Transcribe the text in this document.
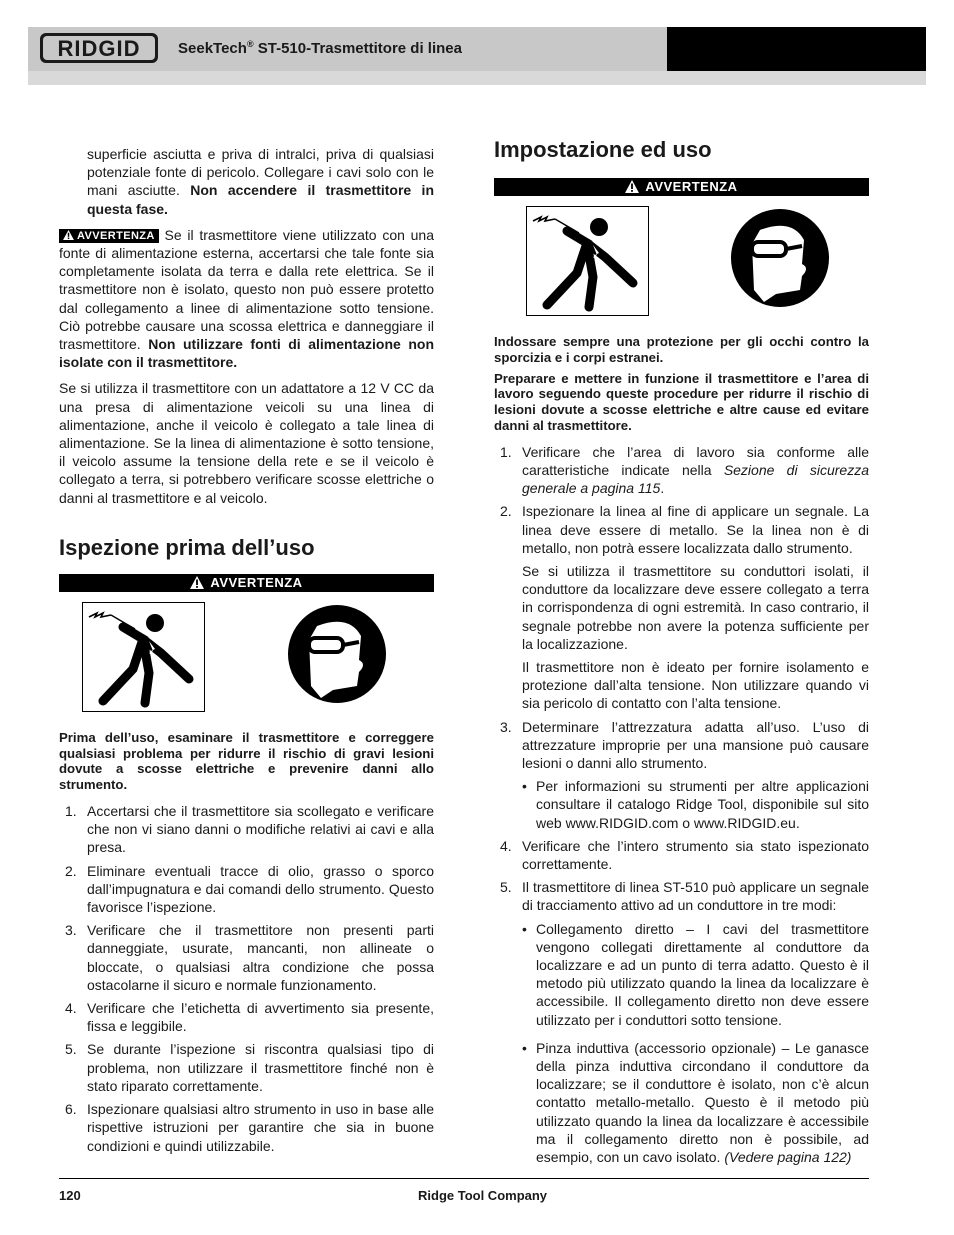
RIDGID	SeekTech® ST-510-Trasmettitore di linea

superficie asciutta e priva di intralci, priva di qualsiasi potenziale fonte di pericolo. Collegare i cavi solo con le mani asciutte. Non accendere il trasmettitore in questa fase.

AVVERTENZA Se il trasmettitore viene utilizzato con una fonte di alimentazione esterna, accertarsi che tale fonte sia completamente isolata da terra e dalla rete elettrica. Se il trasmettitore non è isolato, questo non può essere protetto dal collegamento a linee di alimentazione sotto tensione. Ciò potrebbe causare una scossa elettrica e danneggiare il trasmettitore. Non utilizzare fonti di alimentazione non isolate con il trasmettitore.

Se si utilizza il trasmettitore con un adattatore a 12 V CC da una presa di alimentazione veicoli su una linea di alimentazione, anche il veicolo è collegato a tale linea di alimentazione. Se la linea di alimentazione è sotto tensione, il veicolo assume la tensione della rete e se il veicolo è collegato a terra, si potrebbero verificare scosse elettriche o danni al trasmettitore e al veicolo.

Ispezione prima dell’uso
AVVERTENZA

Prima dell’uso, esaminare il trasmettitore e correggere qualsiasi problema per ridurre il rischio di gravi lesioni dovute a scosse elettriche e prevenire danni allo strumento.

1. Accertarsi che il trasmettitore sia scollegato e verificare che non vi siano danni o modifiche relativi ai cavi e alla presa.
2. Eliminare eventuali tracce di olio, grasso o sporco dall’impugnatura e dai comandi dello strumento. Questo favorisce l’ispezione.
3. Verificare che il trasmettitore non presenti parti danneggiate, usurate, mancanti, non allineate o bloccate, o qualsiasi altra condizione che possa ostacolarne il sicuro e normale funzionamento.
4. Verificare che l’etichetta di avvertimento sia presente, fissa e leggibile.
5. Se durante l’ispezione si riscontra qualsiasi tipo di problema, non utilizzare il trasmettitore finché non è stato riparato correttamente.
6. Ispezionare qualsiasi altro strumento in uso in base alle rispettive istruzioni per garantire che sia in buone condizioni e quindi utilizzabile.
Impostazione ed uso
AVVERTENZA

Indossare sempre una protezione per gli occhi contro la sporcizia e i corpi estranei.

Preparare e mettere in funzione il trasmettitore e l’area di lavoro seguendo queste procedure per ridurre il rischio di lesioni dovute a scosse elettriche e altre cause ed evitare danni al trasmettitore.

1. Verificare che l’area di lavoro sia conforme alle caratteristiche indicate nella Sezione di sicurezza generale a pagina 115.
2. Ispezionare la linea al fine di applicare un segnale. La linea deve essere di metallo. Se la linea non è di metallo, non potrà essere localizzata dallo strumento.

Se si utilizza il trasmettitore su conduttori isolati, il conduttore da localizzare deve essere collegato a terra in corrispondenza di ogni estremità. In caso contrario, il segnale potrebbe non avere la potenza sufficiente per la localizzazione.

Il trasmettitore non è ideato per fornire isolamento e protezione dall’alta tensione. Non utilizzare quando vi sia pericolo di contatto con l’alta tensione.

3. Determinare l’attrezzatura adatta all’uso. L’uso di attrezzature improprie per una mansione può causare lesioni o danni allo strumento.
• Per informazioni su strumenti per altre applicazioni consultare il catalogo Ridge Tool, disponibile sul sito web www.RIDGID.com o www.RIDGID.eu.
4. Verificare che l’intero strumento sia stato ispezionato correttamente.
5. Il trasmettitore di linea ST-510 può applicare un segnale di tracciamento attivo ad un conduttore in tre modi:
• Collegamento diretto – I cavi del trasmettitore vengono collegati direttamente al conduttore da localizzare e ad un punto di terra adatto. Questo è il metodo più utilizzato quando la linea da localizzare è accessibile. Il collegamento diretto non deve essere utilizzato per i conduttori sotto tensione.
• Pinza induttiva (accessorio opzionale) – Le ganasce della pinza induttiva circondano il conduttore da localizzare; se il conduttore è isolato, non c’è alcun contatto metallo-metallo. Questo è il metodo più utilizzato quando la linea da localizzare è accessibile ma il collegamento diretto non è possibile, ad esempio, con un cavo isolato. (Vedere pagina 122)
120	Ridge Tool Company
